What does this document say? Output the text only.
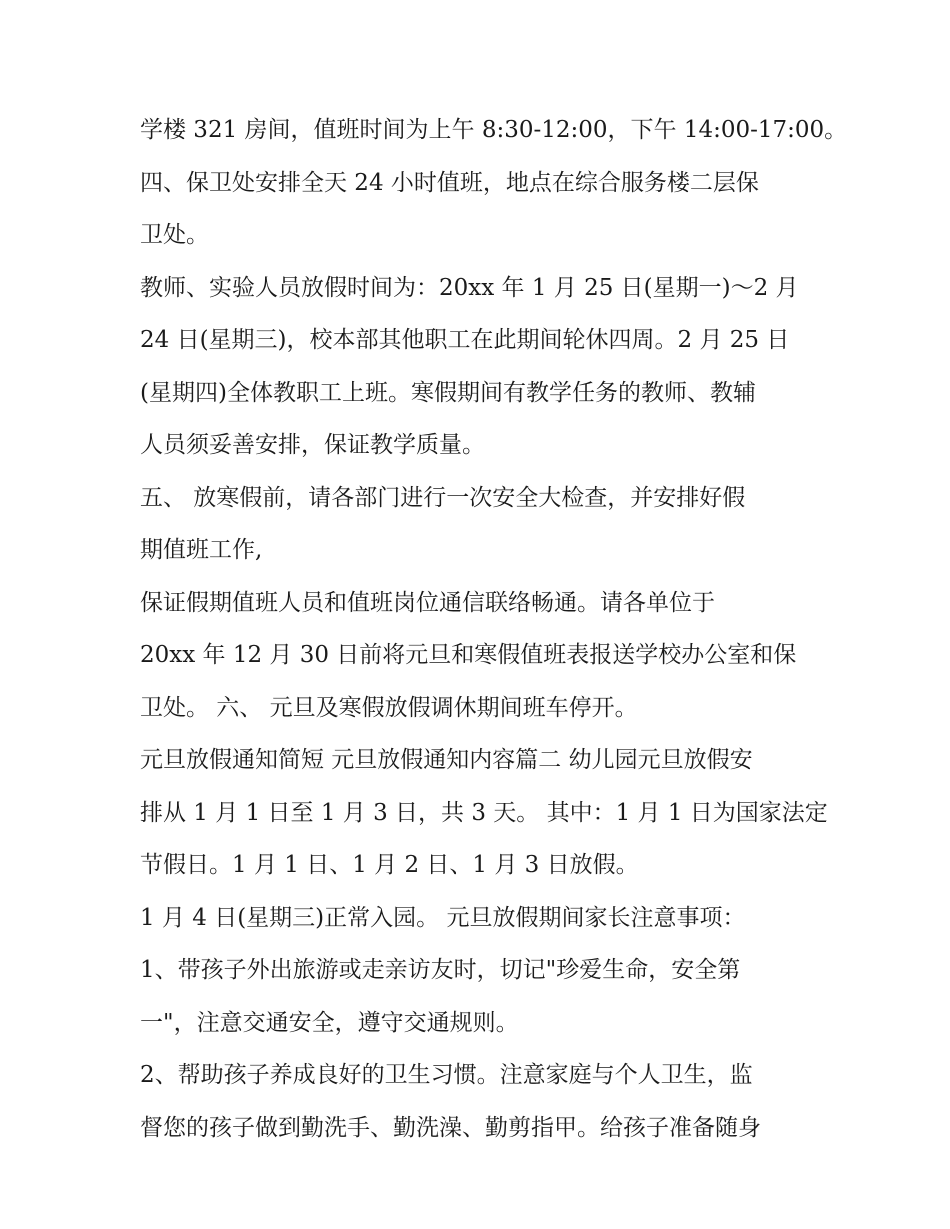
学楼 321 房间，值班时间为上午 8:30-12:00，下午 14:00-17:00。
四、保卫处安排全天 24 小时值班，地点在综合服务楼二层保
卫处。
教师、实验人员放假时间为：20xx 年 1 月 25 日(星期一)～2 月
24 日(星期三)，校本部其他职工在此期间轮休四周。2 月 25 日
(星期四)全体教职工上班。寒假期间有教学任务的教师、教辅
人员须妥善安排，保证教学质量。
五、 放寒假前，请各部门进行一次安全大检查，并安排好假
期值班工作,
保证假期值班人员和值班岗位通信联络畅通。请各单位于
20xx 年 12 月 30 日前将元旦和寒假值班表报送学校办公室和保
卫处。 六、 元旦及寒假放假调休期间班车停开。
元旦放假通知简短 元旦放假通知内容篇二 幼儿园元旦放假安
排从 1 月 1 日至 1 月 3 日，共 3 天。 其中：1 月 1 日为国家法定
节假日。1 月 1 日、1 月 2 日、1 月 3 日放假。
1 月 4 日(星期三)正常入园。 元旦放假期间家长注意事项：
1、带孩子外出旅游或走亲访友时，切记"珍爱生命，安全第
一"，注意交通安全，遵守交通规则。
2、帮助孩子养成良好的卫生习惯。注意家庭与个人卫生，监
督您的孩子做到勤洗手、勤洗澡、勤剪指甲。给孩子准备随身
